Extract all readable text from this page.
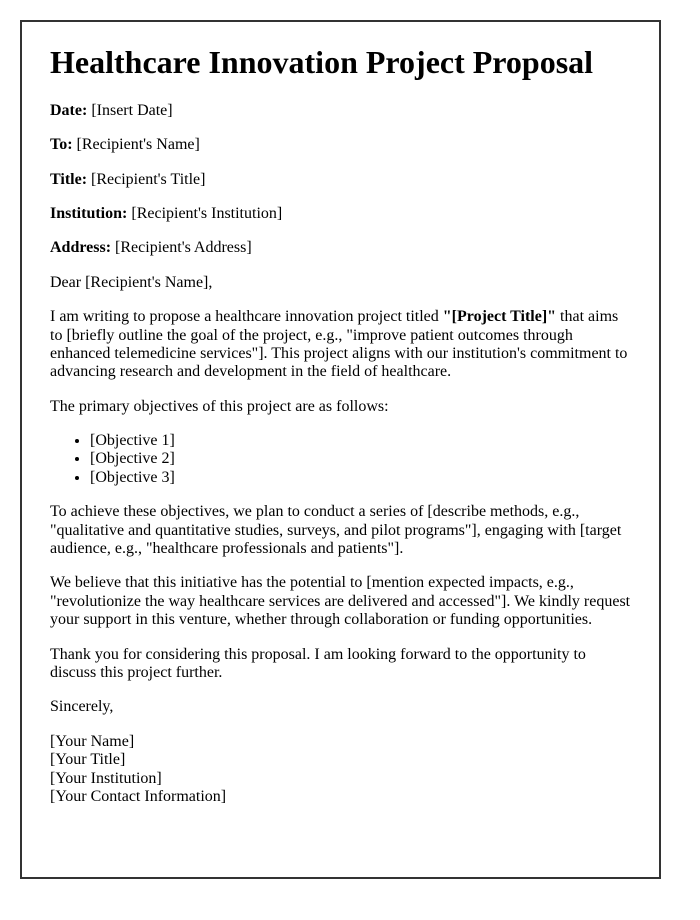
Healthcare Innovation Project Proposal

Date: [Insert Date]

To: [Recipient's Name]

Title: [Recipient's Title]

Institution: [Recipient's Institution]

Address: [Recipient's Address]

Dear [Recipient's Name],

I am writing to propose a healthcare innovation project titled "[Project Title]" that aims to [briefly outline the goal of the project, e.g., "improve patient outcomes through enhanced telemedicine services"]. This project aligns with our institution's commitment to advancing research and development in the field of healthcare.

The primary objectives of this project are as follows:

• [Objective 1]
• [Objective 2]
• [Objective 3]

To achieve these objectives, we plan to conduct a series of [describe methods, e.g., "qualitative and quantitative studies, surveys, and pilot programs"], engaging with [target audience, e.g., "healthcare professionals and patients"].

We believe that this initiative has the potential to [mention expected impacts, e.g., "revolutionize the way healthcare services are delivered and accessed"]. We kindly request your support in this venture, whether through collaboration or funding opportunities.

Thank you for considering this proposal. I am looking forward to the opportunity to discuss this project further.

Sincerely,

[Your Name]
[Your Title]
[Your Institution]
[Your Contact Information]
